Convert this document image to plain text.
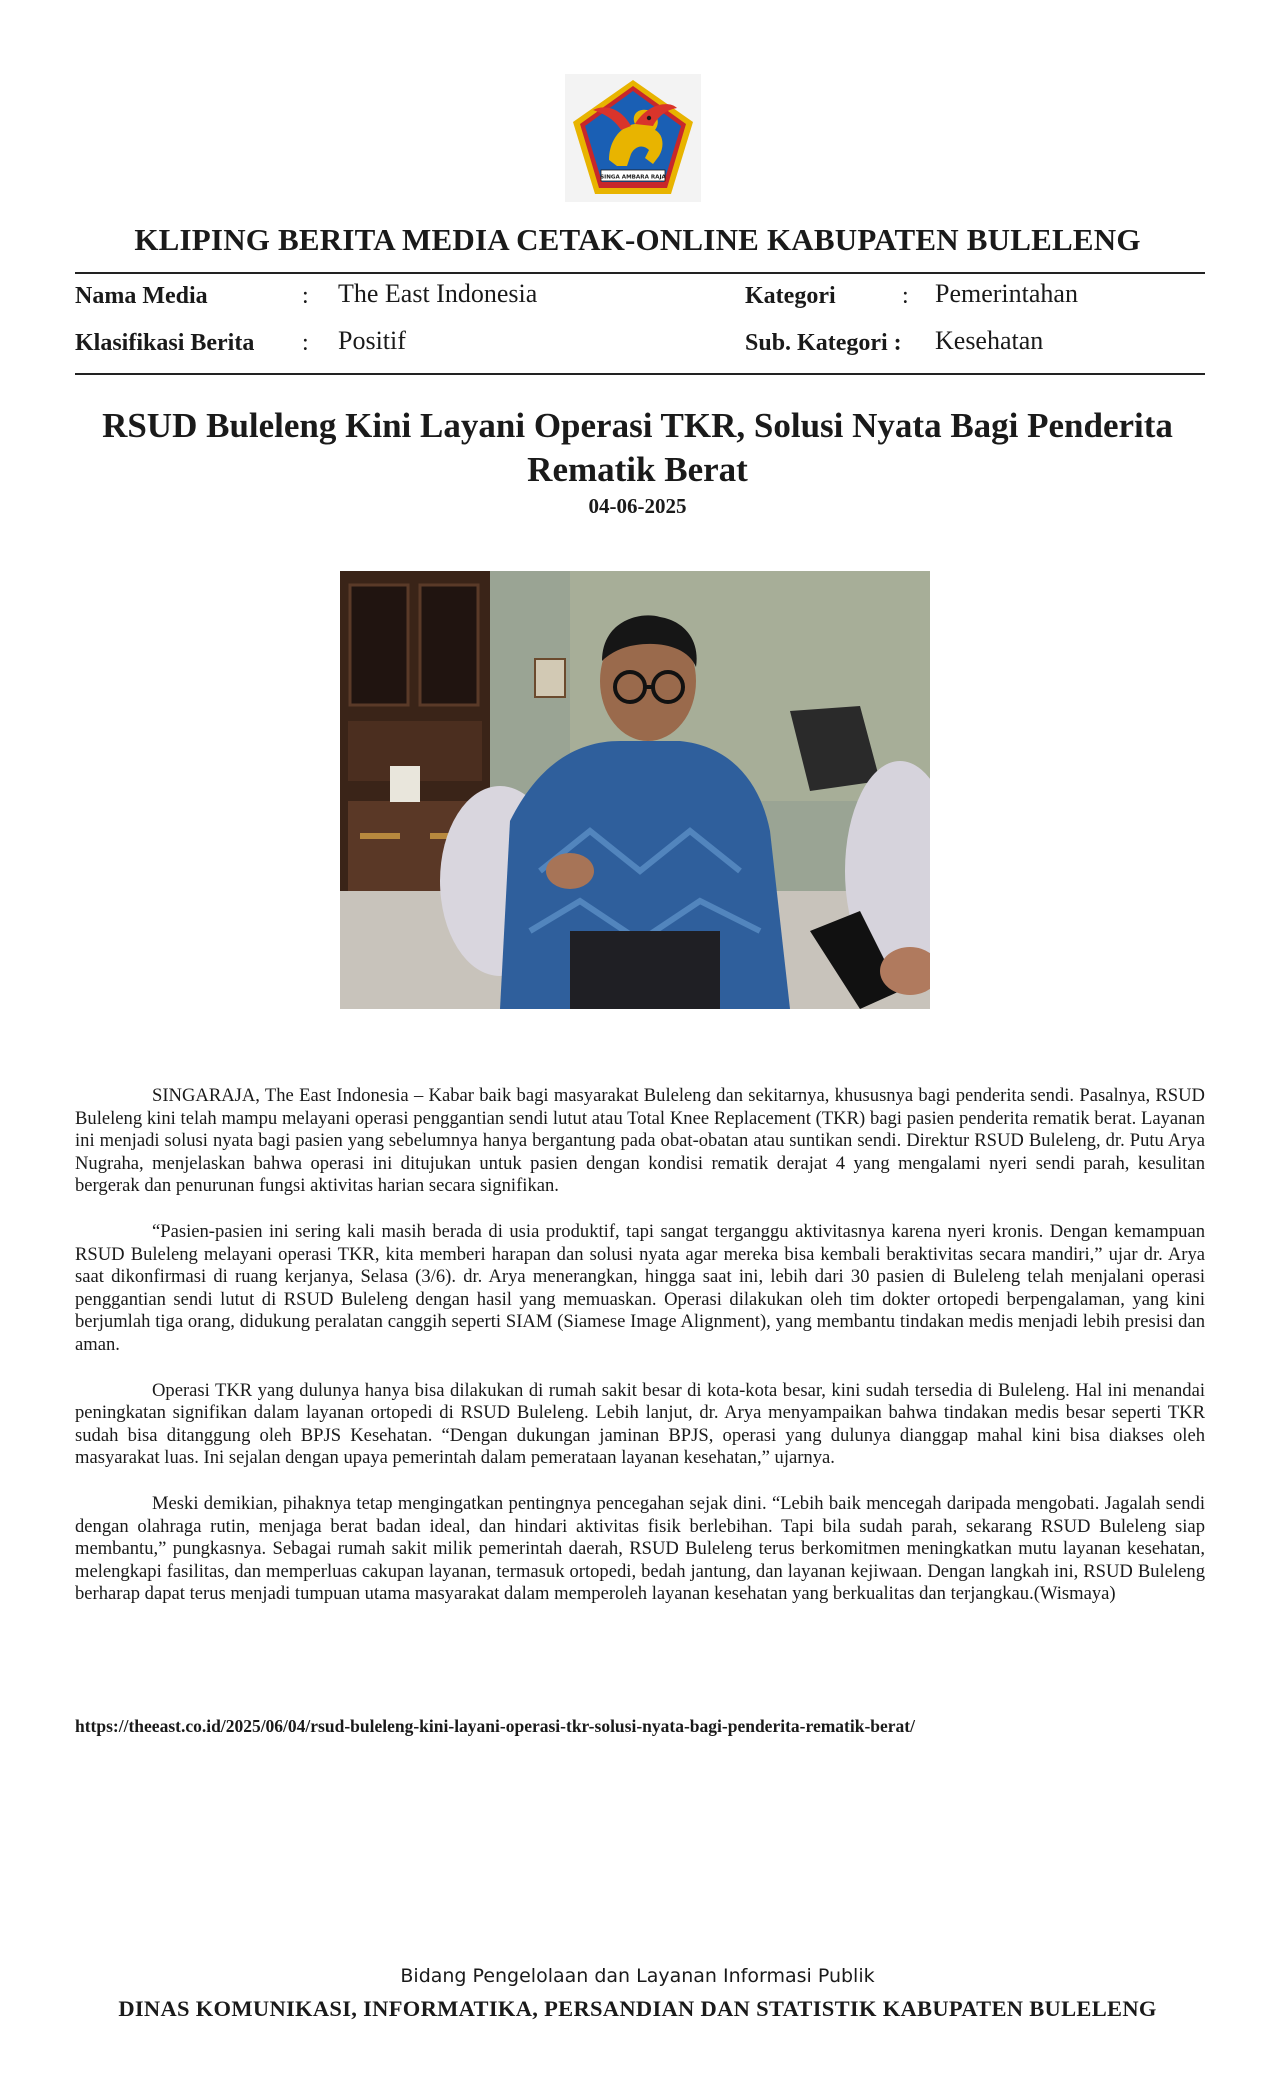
SINGA AMBARA RAJA
KLIPING BERITA MEDIA CETAK-ONLINE KABUPATEN BULELENG
Nama Media	: The East Indonesia	Kategori	: Pemerintahan
Klasifikasi Berita : Positif	Sub. Kategori : Kesehatan
RSUD Buleleng Kini Layani Operasi TKR, Solusi Nyata Bagi Penderita Rematik Berat
04-06-2025

SINGARAJA, The East Indonesia – Kabar baik bagi masyarakat Buleleng dan sekitarnya, khususnya bagi penderita sendi. Pasalnya, RSUD Buleleng kini telah mampu melayani operasi penggantian sendi lutut atau Total Knee Replacement (TKR) bagi pasien penderita rematik berat. Layanan ini menjadi solusi nyata bagi pasien yang sebelumnya hanya bergantung pada obat-obatan atau suntikan sendi. Direktur RSUD Buleleng, dr. Putu Arya Nugraha, menjelaskan bahwa operasi ini ditujukan untuk pasien dengan kondisi rematik derajat 4 yang mengalami nyeri sendi parah, kesulitan bergerak dan penurunan fungsi aktivitas harian secara signifikan.

“Pasien-pasien ini sering kali masih berada di usia produktif, tapi sangat terganggu aktivitasnya karena nyeri kronis. Dengan kemampuan RSUD Buleleng melayani operasi TKR, kita memberi harapan dan solusi nyata agar mereka bisa kembali beraktivitas secara mandiri,” ujar dr. Arya saat dikonfirmasi di ruang kerjanya, Selasa (3/6). dr. Arya menerangkan, hingga saat ini, lebih dari 30 pasien di Buleleng telah menjalani operasi penggantian sendi lutut di RSUD Buleleng dengan hasil yang memuaskan. Operasi dilakukan oleh tim dokter ortopedi berpengalaman, yang kini berjumlah tiga orang, didukung peralatan canggih seperti SIAM (Siamese Image Alignment), yang membantu tindakan medis menjadi lebih presisi dan aman.

Operasi TKR yang dulunya hanya bisa dilakukan di rumah sakit besar di kota-kota besar, kini sudah tersedia di Buleleng. Hal ini menandai peningkatan signifikan dalam layanan ortopedi di RSUD Buleleng. Lebih lanjut, dr. Arya menyampaikan bahwa tindakan medis besar seperti TKR sudah bisa ditanggung oleh BPJS Kesehatan. “Dengan dukungan jaminan BPJS, operasi yang dulunya dianggap mahal kini bisa diakses oleh masyarakat luas. Ini sejalan dengan upaya pemerintah dalam pemerataan layanan kesehatan,” ujarnya.

Meski demikian, pihaknya tetap mengingatkan pentingnya pencegahan sejak dini. “Lebih baik mencegah daripada mengobati. Jagalah sendi dengan olahraga rutin, menjaga berat badan ideal, dan hindari aktivitas fisik berlebihan. Tapi bila sudah parah, sekarang RSUD Buleleng siap membantu,” pungkasnya. Sebagai rumah sakit milik pemerintah daerah, RSUD Buleleng terus berkomitmen meningkatkan mutu layanan kesehatan, melengkapi fasilitas, dan memperluas cakupan layanan, termasuk ortopedi, bedah jantung, dan layanan kejiwaan. Dengan langkah ini, RSUD Buleleng berharap dapat terus menjadi tumpuan utama masyarakat dalam memperoleh layanan kesehatan yang berkualitas dan terjangkau.(Wismaya)

https://theeast.co.id/2025/06/04/rsud-buleleng-kini-layani-operasi-tkr-solusi-nyata-bagi-penderita-rematik-berat/
Bidang Pengelolaan dan Layanan Informasi Publik
DINAS KOMUNIKASI, INFORMATIKA, PERSANDIAN DAN STATISTIK KABUPATEN BULELENG
